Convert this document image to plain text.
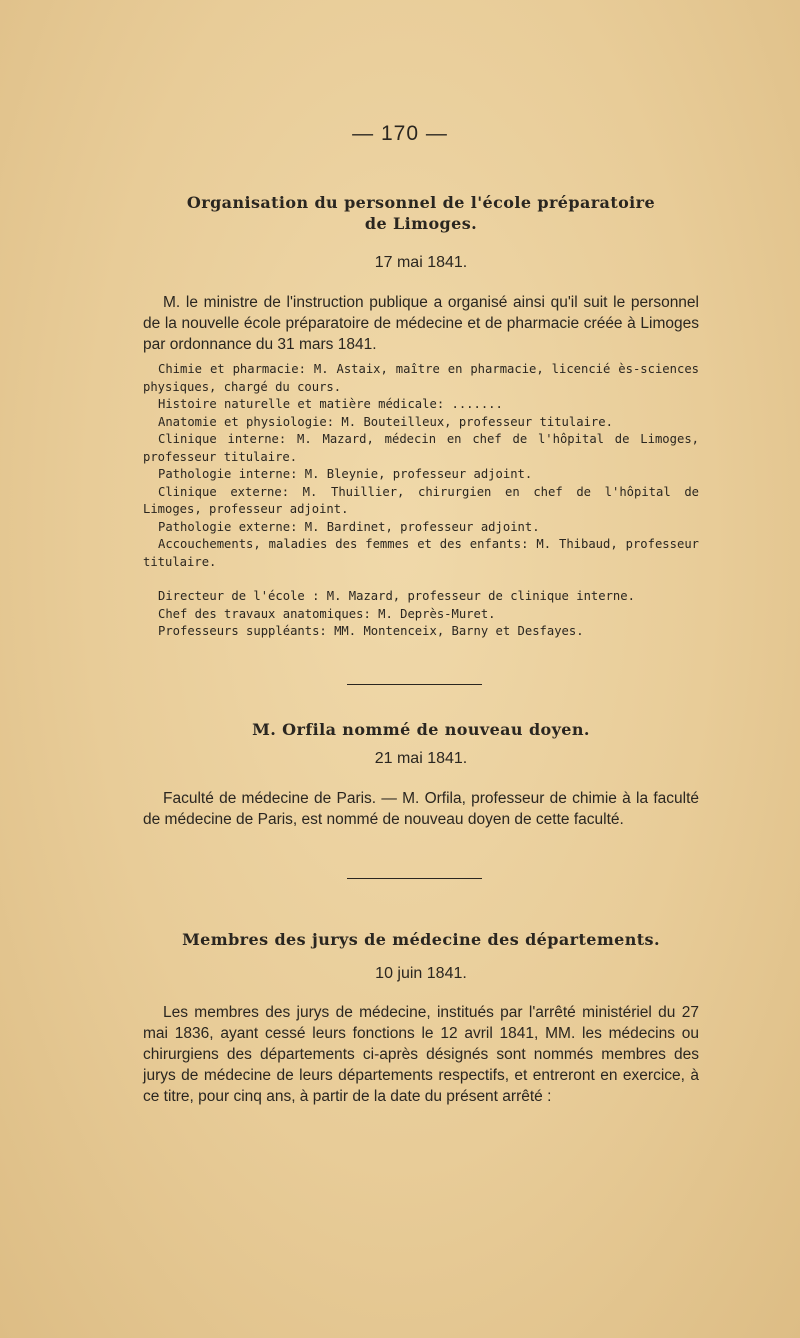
— 170 —
Organisation du personnel de l'école préparatoire
de Limoges.
17 mai 1841.

M. le ministre de l'instruction publique a organisé ainsi qu'il suit le personnel de la nouvelle école préparatoire de médecine et de pharmacie créée à Limoges par ordonnance du 31 mars 1841.

Chimie et pharmacie: M. Astaix, maître en pharmacie, licencié ès-sciences physiques, chargé du cours.

Histoire naturelle et matière médicale: .......

Anatomie et physiologie: M. Bouteilleux, professeur titulaire.

Clinique interne: M. Mazard, médecin en chef de l'hôpital de Limoges, professeur titulaire.

Pathologie interne: M. Bleynie, professeur adjoint.

Clinique externe: M. Thuillier, chirurgien en chef de l'hôpital de Limoges, professeur adjoint.

Pathologie externe: M. Bardinet, professeur adjoint.

Accouchements, maladies des femmes et des enfants: M. Thibaud, professeur titulaire.

Directeur de l'école : M. Mazard, professeur de clinique interne.

Chef des travaux anatomiques: M. Deprès-Muret.

Professeurs suppléants: MM. Montenceix, Barny et Desfayes.

M. Orfila nommé de nouveau doyen.
21 mai 1841.

Faculté de médecine de Paris. — M. Orfila, professeur de chimie à la faculté de médecine de Paris, est nommé de nouveau doyen de cette faculté.

Membres des jurys de médecine des départements.
10 juin 1841.

Les membres des jurys de médecine, institués par l'arrêté ministériel du 27 mai 1836, ayant cessé leurs fonctions le 12 avril 1841, MM. les médecins ou chirurgiens des départements ci-après désignés sont nommés membres des jurys de médecine de leurs départements respectifs, et entreront en exercice, à ce titre, pour cinq ans, à partir de la date du présent arrêté :
